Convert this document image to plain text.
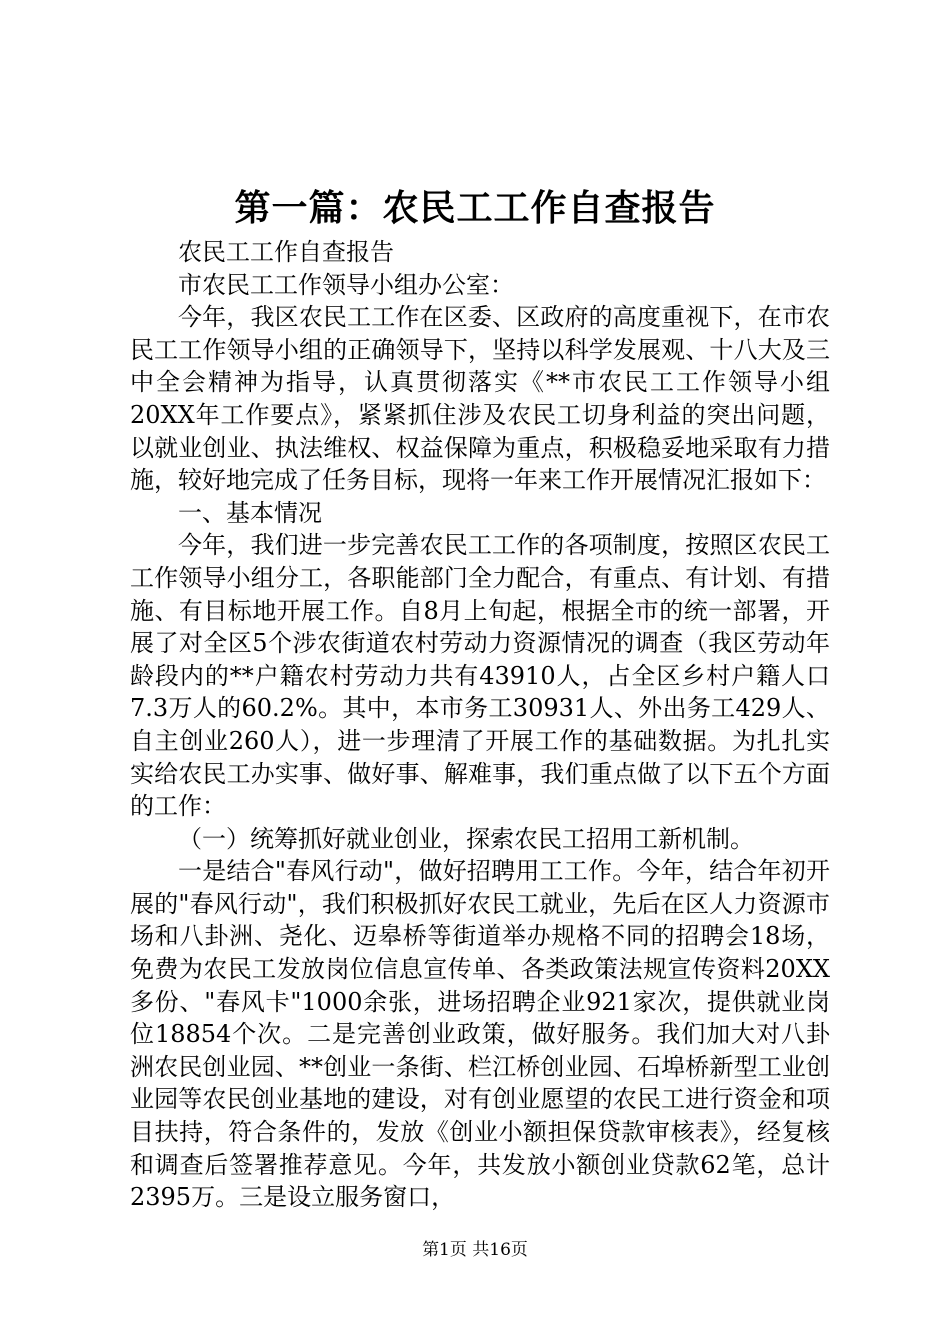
第一篇：农民工工作自查报告

农民工工作自查报告

市农民工工作领导小组办公室：

今年，我区农民工工作在区委、区政府的高度重视下，在市农民工工作领导小组的正确领导下，坚持以科学发展观、十八大及三中全会精神为指导，认真贯彻落实《**市农民工工作领导小组20XX年工作要点》，紧紧抓住涉及农民工切身利益的突出问题，以就业创业、执法维权、权益保障为重点，积极稳妥地采取有力措施，较好地完成了任务目标，现将一年来工作开展情况汇报如下：

一、基本情况

今年，我们进一步完善农民工工作的各项制度，按照区农民工工作领导小组分工，各职能部门全力配合，有重点、有计划、有措施、有目标地开展工作。自8月上旬起，根据全市的统一部署，开展了对全区5个涉农街道农村劳动力资源情况的调查（我区劳动年龄段内的**户籍农村劳动力共有43910人，占全区乡村户籍人口7.3万人的60.2%。其中，本市务工30931人、外出务工429人、自主创业260人），进一步理清了开展工作的基础数据。为扎扎实实给农民工办实事、做好事、解难事，我们重点做了以下五个方面的工作：

（一）统筹抓好就业创业，探索农民工招用工新机制。

一是结合"春风行动"，做好招聘用工工作。今年，结合年初开展的"春风行动"，我们积极抓好农民工就业，先后在区人力资源市场和八卦洲、尧化、迈皋桥等街道举办规格不同的招聘会18场，免费为农民工发放岗位信息宣传单、各类政策法规宣传资料20XX多份、"春风卡"1000余张，进场招聘企业921家次，提供就业岗位18854个次。二是完善创业政策，做好服务。我们加大对八卦洲农民创业园、**创业一条街、栏江桥创业园、石埠桥新型工业创业园等农民创业基地的建设，对有创业愿望的农民工进行资金和项目扶持，符合条件的，发放《创业小额担保贷款审核表》，经复核和调查后签署推荐意见。今年，共发放小额创业贷款62笔，总计2395万。三是设立服务窗口，

第1页 共16页
